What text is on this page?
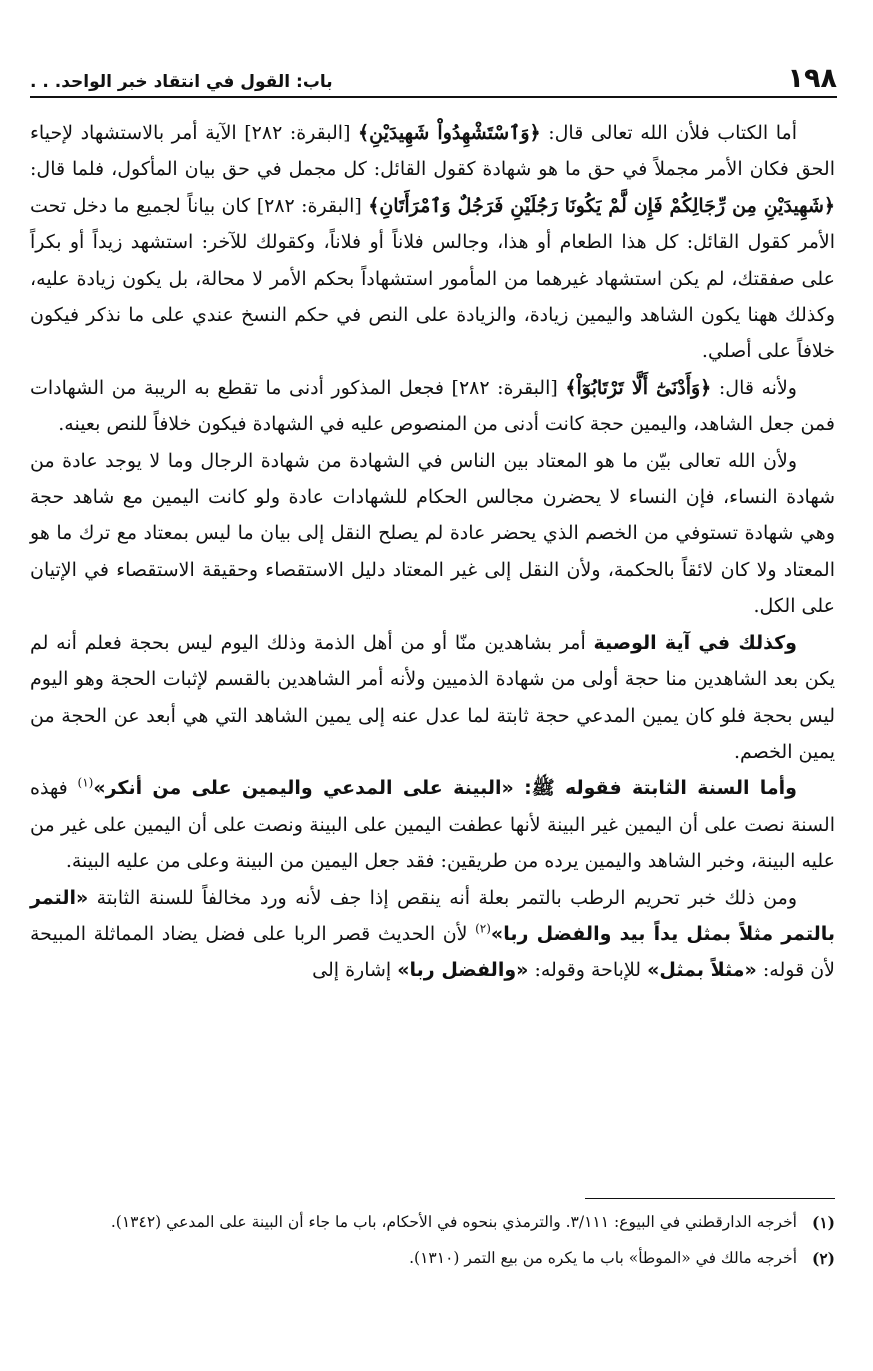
١٩٨
باب: القول في انتقاد خبر الواحد. . .

أما الكتاب فلأن الله تعالى قال: ﴿وَٱسْتَشْهِدُواْ شَهِيدَيْنِ﴾ [البقرة: ٢٨٢] الآية أمر بالاستشهاد لإحياء الحق فكان الأمر مجملاً في حق ما هو شهادة كقول القائل: كل مجمل في حق بيان المأكول، فلما قال: ﴿شَهِيدَيْنِ مِن رِّجَالِكُمْ فَإِن لَّمْ يَكُونَا رَجُلَيْنِ فَرَجُلٌ وَٱمْرَأَتَانِ﴾ [البقرة: ٢٨٢] كان بياناً لجميع ما دخل تحت الأمر كقول القائل: كل هذا الطعام أو هذا، وجالس فلاناً أو فلاناً، وكقولك للآخر: استشهد زيداً أو بكراً على صفقتك، لم يكن استشهاد غيرهما من المأمور استشهاداً بحكم الأمر لا محالة، بل يكون زيادة عليه، وكذلك ههنا يكون الشاهد واليمين زيادة، والزيادة على النص في حكم النسخ عندي على ما نذكر فيكون خلافاً على أصلي.

ولأنه قال: ﴿وَأَدْنَىٰٓ أَلَّا تَرْتَابُوٓاْ﴾ [البقرة: ٢٨٢] فجعل المذكور أدنى ما تقطع به الريبة من الشهادات فمن جعل الشاهد، واليمين حجة كانت أدنى من المنصوص عليه في الشهادة فيكون خلافاً للنص بعينه.

ولأن الله تعالى بيّن ما هو المعتاد بين الناس في الشهادة من شهادة الرجال وما لا يوجد عادة من شهادة النساء، فإن النساء لا يحضرن مجالس الحكام للشهادات عادة ولو كانت اليمين مع شاهد حجة وهي شهادة تستوفي من الخصم الذي يحضر عادة لم يصلح النقل إلى بيان ما ليس بمعتاد مع ترك ما هو المعتاد ولا كان لائقاً بالحكمة، ولأن النقل إلى غير المعتاد دليل الاستقصاء وحقيقة الاستقصاء في الإتيان على الكل.

وكذلك في آية الوصية أمر بشاهدين منّا أو من أهل الذمة وذلك اليوم ليس بحجة فعلم أنه لم يكن بعد الشاهدين منا حجة أولى من شهادة الذميين ولأنه أمر الشاهدين بالقسم لإثبات الحجة وهو اليوم ليس بحجة فلو كان يمين المدعي حجة ثابتة لما عدل عنه إلى يمين الشاهد التي هي أبعد عن الحجة من يمين الخصم.

وأما السنة الثابتة فقوله ﷺ: «البينة على المدعي واليمين على من أنكر»$^{(١)}$ فهذه السنة نصت على أن اليمين غير البينة لأنها عطفت اليمين على البينة ونصت على أن اليمين على غير من عليه البينة، وخبر الشاهد واليمين يرده من طريقين: فقد جعل اليمين من البينة وعلى من عليه البينة.

ومن ذلك خبر تحريم الرطب بالتمر بعلة أنه ينقص إذا جف لأنه ورد مخالفاً للسنة الثابتة «التمر بالتمر مثلاً بمثل يداً بيد والفضل ربا»$^{(٢)}$ لأن الحديث قصر الربا على فضل يضاد المماثلة المبيحة لأن قوله: «مثلاً بمثل» للإباحة وقوله: «والفضل ربا» إشارة إلى

(١)
أخرجه الدارقطني في البيوع: ٣/١١١. والترمذي بنحوه في الأحكام، باب ما جاء أن البينة على المدعي (١٣٤٢).
(٢)
أخرجه مالك في «الموطأ» باب ما يكره من بيع التمر (١٣١٠).
